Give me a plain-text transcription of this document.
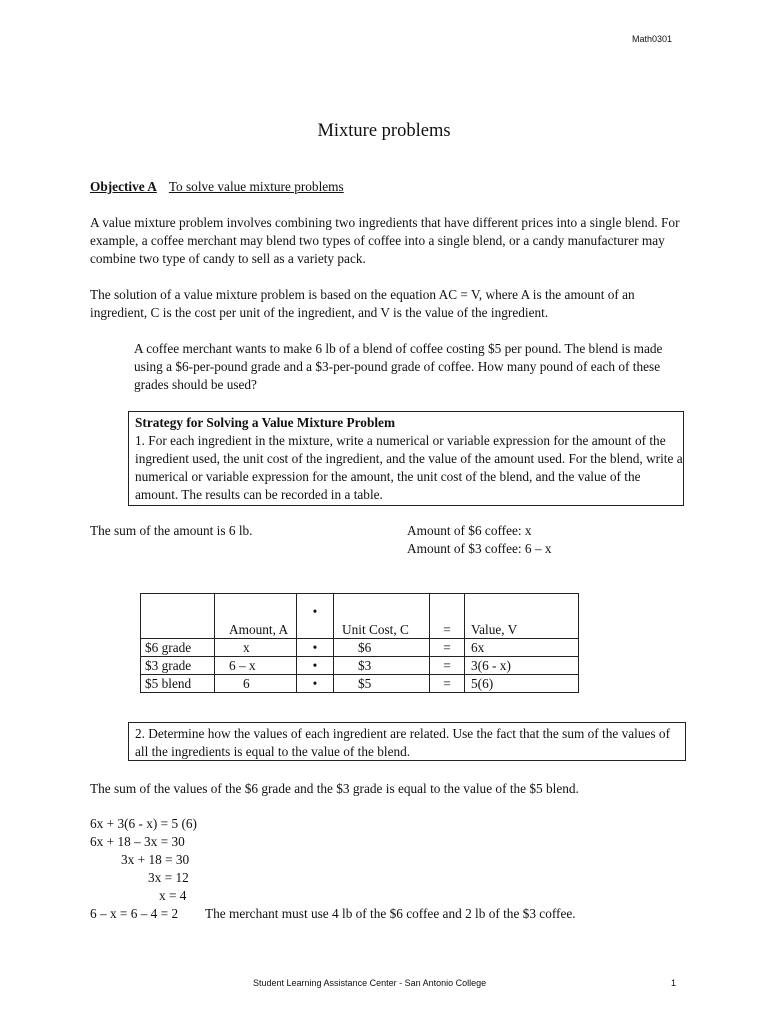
Math0301
Mixture problems
Objective A To solve value mixture problems
A value mixture problem involves combining two ingredients that have different prices into a single blend. For example, a coffee merchant may blend two types of coffee into a single blend, or a candy manufacturer may combine two type of candy to sell as a variety pack.
The solution of a value mixture problem is based on the equation AC = V, where A is the amount of an ingredient, C is the cost per unit of the ingredient, and V is the value of the ingredient.
A coffee merchant wants to make 6 lb of a blend of coffee costing $5 per pound. The blend is made using a $6-per-pound grade and a $3-per-pound grade of coffee. How many pound of each of these grades should be used?
Strategy for Solving a Value Mixture Problem
1. For each ingredient in the mixture, write a numerical or variable expression for the amount of the ingredient used, the unit cost of the ingredient, and the value of the amount used. For the blend, write a numerical or variable expression for the amount, the unit cost of the blend, and the value of the amount. The results can be recorded in a table.
The sum of the amount is 6 lb.	Amount of $6 coffee: x
Amount of $3 coffee: 6 – x
	Amount, A	•	Unit Cost, C	=	Value, V
$6 grade	x	•	$6	=	6x
$3 grade	6 – x	•	$3	=	3(6 - x)
$5 blend	6	•	$5	=	5(6)
2. Determine how the values of each ingredient are related. Use the fact that the sum of the values of all the ingredients is equal to the value of the blend.
The sum of the values of the $6 grade and the $3 grade is equal to the value of the $5 blend.
6x + 3(6 - x) = 5 (6)
6x + 18 – 3x = 30
3x + 18 = 30
3x = 12
x = 4
6 – x = 6 – 4 = 2 The merchant must use 4 lb of the $6 coffee and 2 lb of the $3 coffee.
Student Learning Assistance Center - San Antonio College	1
